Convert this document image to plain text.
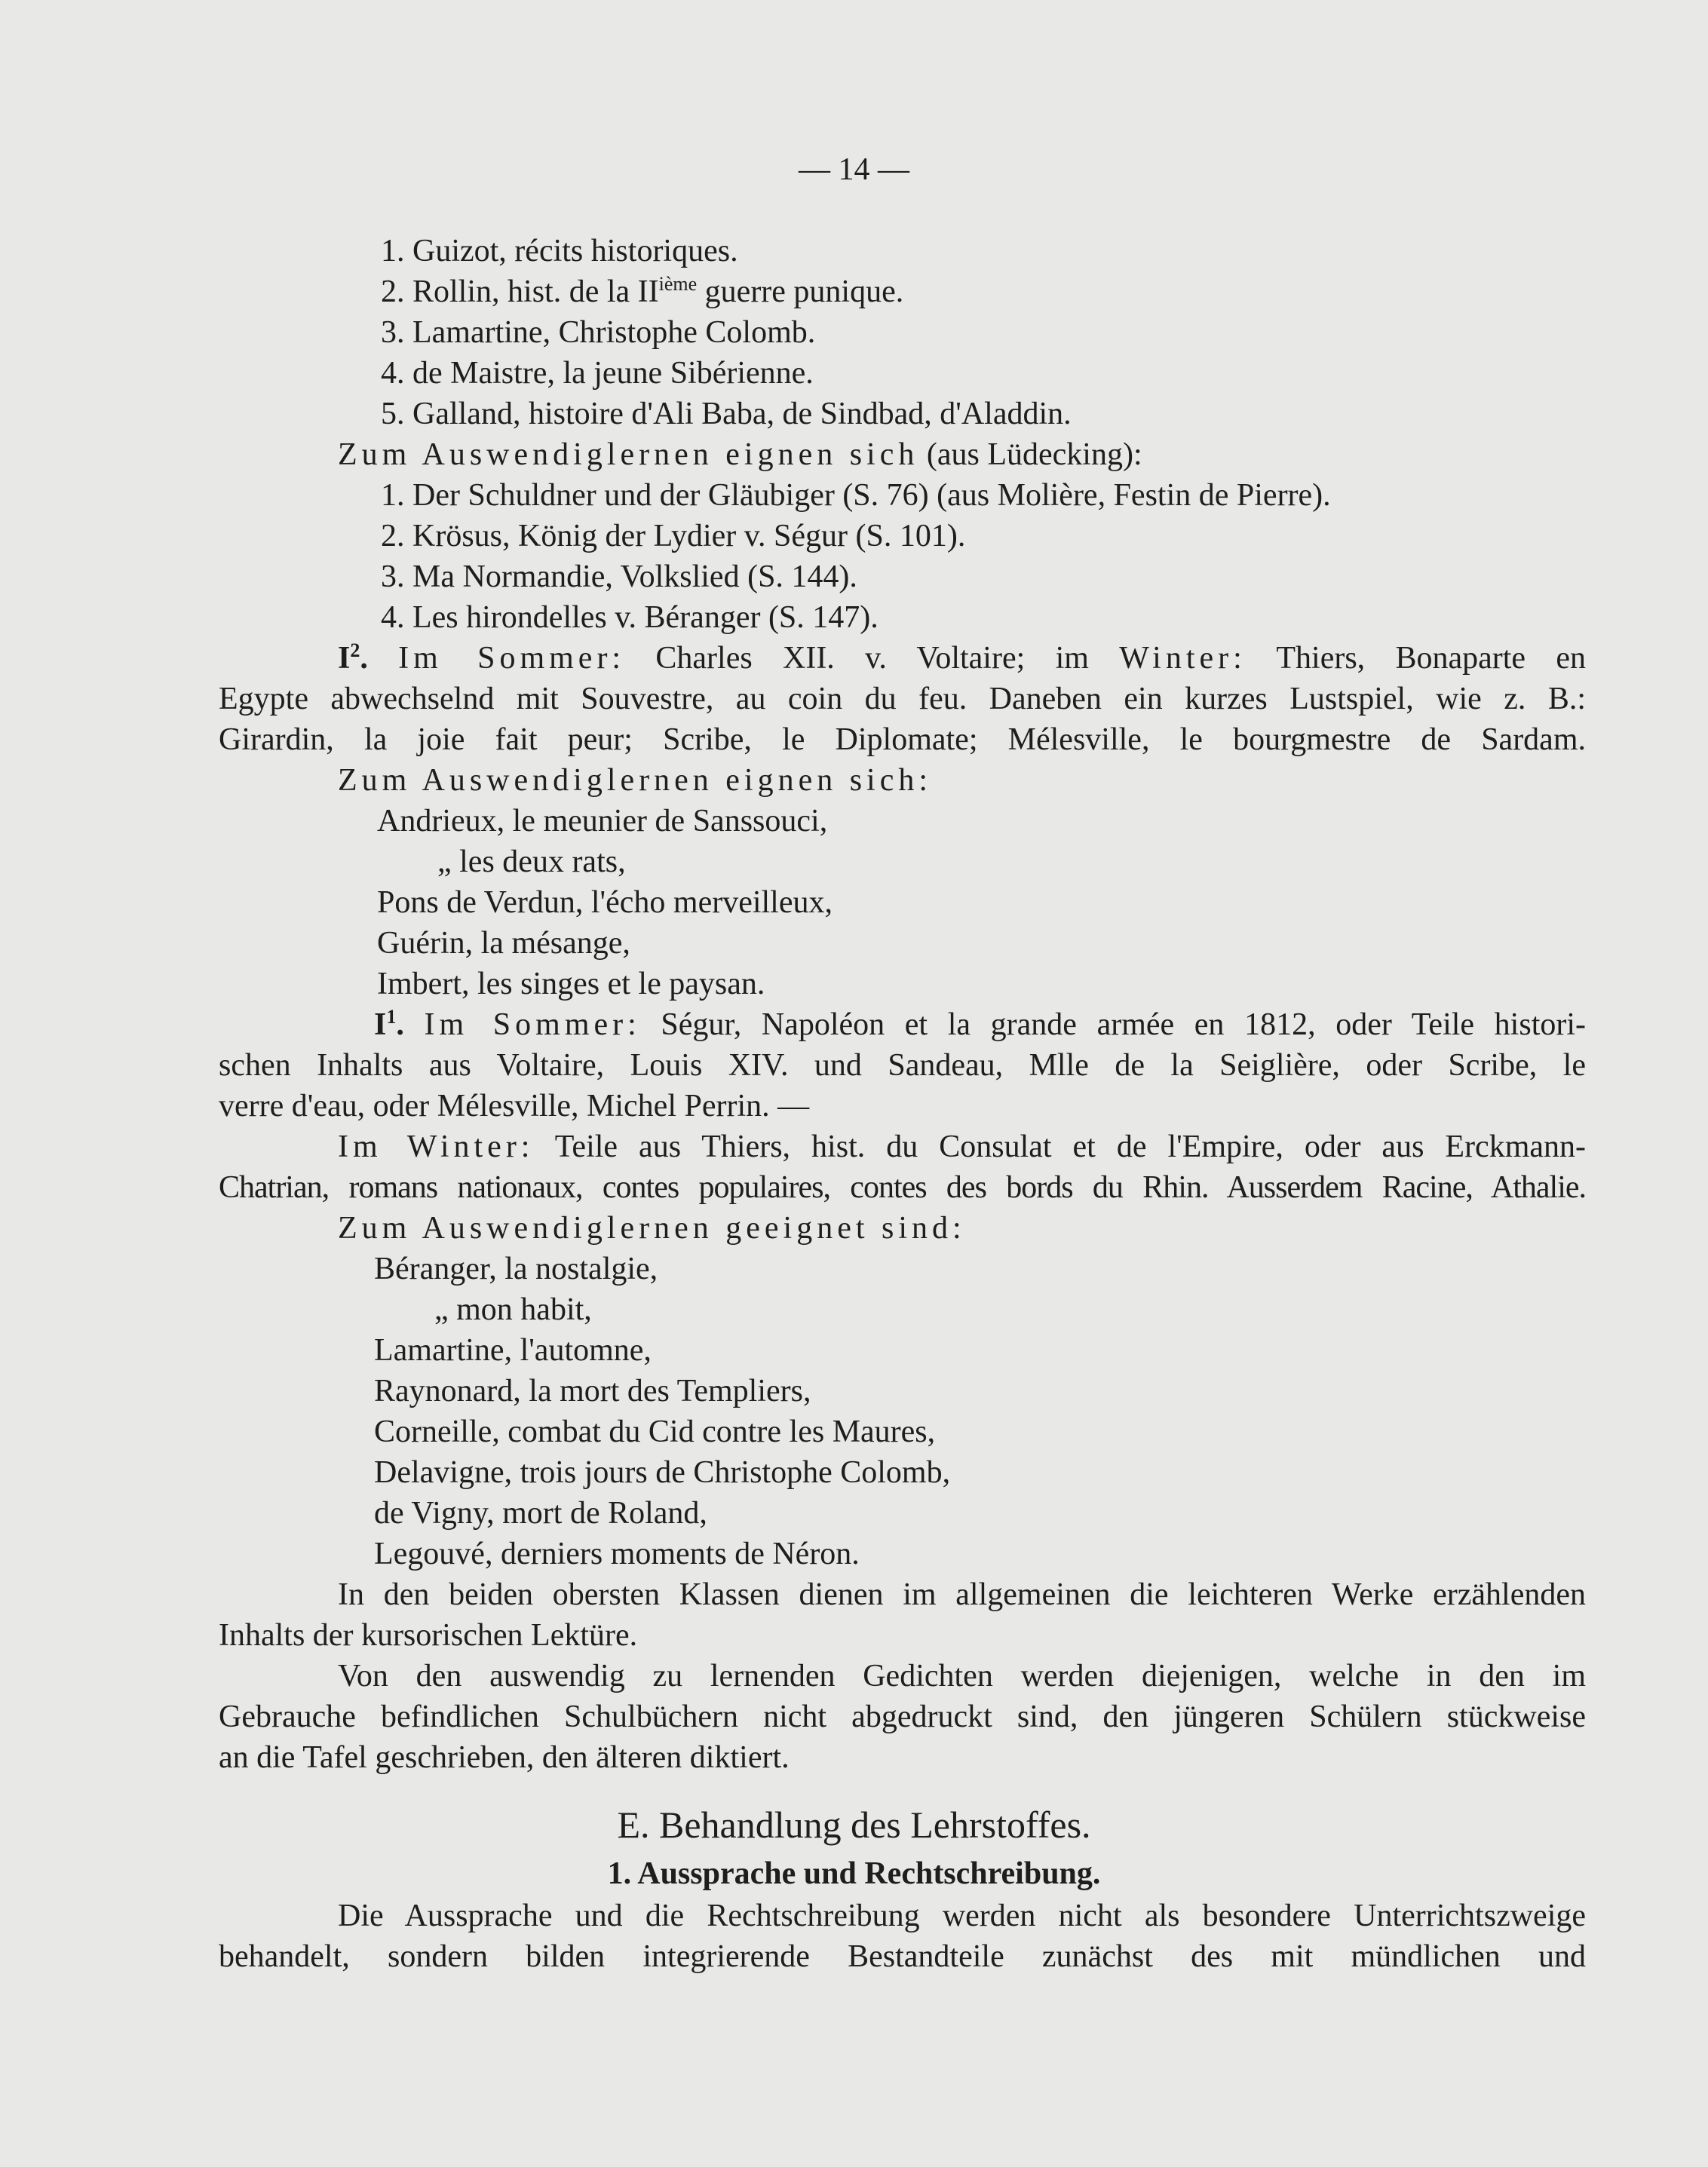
— 14 —
1. Guizot, récits historiques.
2. Rollin, hist. de la IIième guerre punique.
3. Lamartine, Christophe Colomb.
4. de Maistre, la jeune Sibérienne.
5. Galland, histoire d'Ali Baba, de Sindbad, d'Aladdin.
Zum Auswendiglernen eignen sich (aus Lüdecking):
1. Der Schuldner und der Gläubiger (S. 76) (aus Molière, Festin de Pierre).
2. Krösus, König der Lydier v. Ségur (S. 101).
3. Ma Normandie, Volkslied (S. 144).
4. Les hirondelles v. Béranger (S. 147).
$I^2$. Im Sommer: Charles XII. v. Voltaire; im Winter: Thiers, Bonaparte en
Egypte abwechselnd mit Souvestre, au coin du feu. Daneben ein kurzes Lustspiel, wie z. B.:
Girardin, la joie fait peur; Scribe, le Diplomate; Mélesville, le bourgmestre de Sardam.
Zum Auswendiglernen eignen sich:
Andrieux, le meunier de Sanssouci,
„ les deux rats,
Pons de Verdun, l'écho merveilleux,
Guérin, la mésange,
Imbert, les singes et le paysan.
$I^1$. Im Sommer: Ségur, Napoléon et la grande armée en 1812, oder Teile histori-
schen Inhalts aus Voltaire, Louis XIV. und Sandeau, Mlle de la Seiglière, oder Scribe, le
verre d'eau, oder Mélesville, Michel Perrin. —
Im Winter: Teile aus Thiers, hist. du Consulat et de l'Empire, oder aus Erckmann-
Chatrian, romans nationaux, contes populaires, contes des bords du Rhin. Ausserdem Racine, Athalie.
Zum Auswendiglernen geeignet sind:
Béranger, la nostalgie,
„ mon habit,
Lamartine, l'automne,
Raynonard, la mort des Templiers,
Corneille, combat du Cid contre les Maures,
Delavigne, trois jours de Christophe Colomb,
de Vigny, mort de Roland,
Legouvé, derniers moments de Néron.
In den beiden obersten Klassen dienen im allgemeinen die leichteren Werke erzählenden
Inhalts der kursorischen Lektüre.
Von den auswendig zu lernenden Gedichten werden diejenigen, welche in den im
Gebrauche befindlichen Schulbüchern nicht abgedruckt sind, den jüngeren Schülern stückweise
an die Tafel geschrieben, den älteren diktiert.
E. Behandlung des Lehrstoffes.
1. Aussprache und Rechtschreibung.
Die Aussprache und die Rechtschreibung werden nicht als besondere Unterrichtszweige
behandelt, sondern bilden integrierende Bestandteile zunächst des mit mündlichen und
